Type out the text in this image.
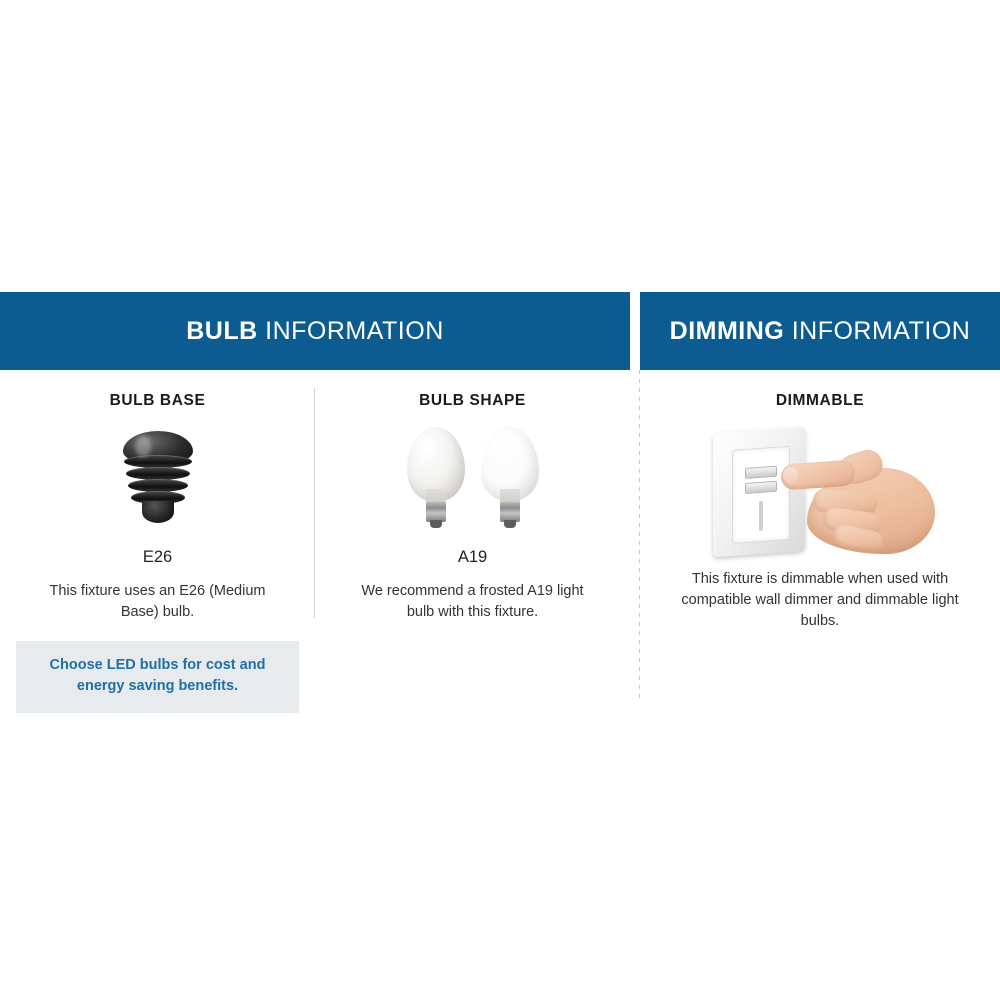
BULB INFORMATION

BULB BASE

E26

This fixture uses an E26 (Medium Base) bulb.

Choose LED bulbs for cost and energy saving benefits.

BULB SHAPE

A19

We recommend a frosted A19 light bulb with this fixture.

DIMMING INFORMATION

DIMMABLE

This fixture is dimmable when used with compatible wall dimmer and dimmable light bulbs.
